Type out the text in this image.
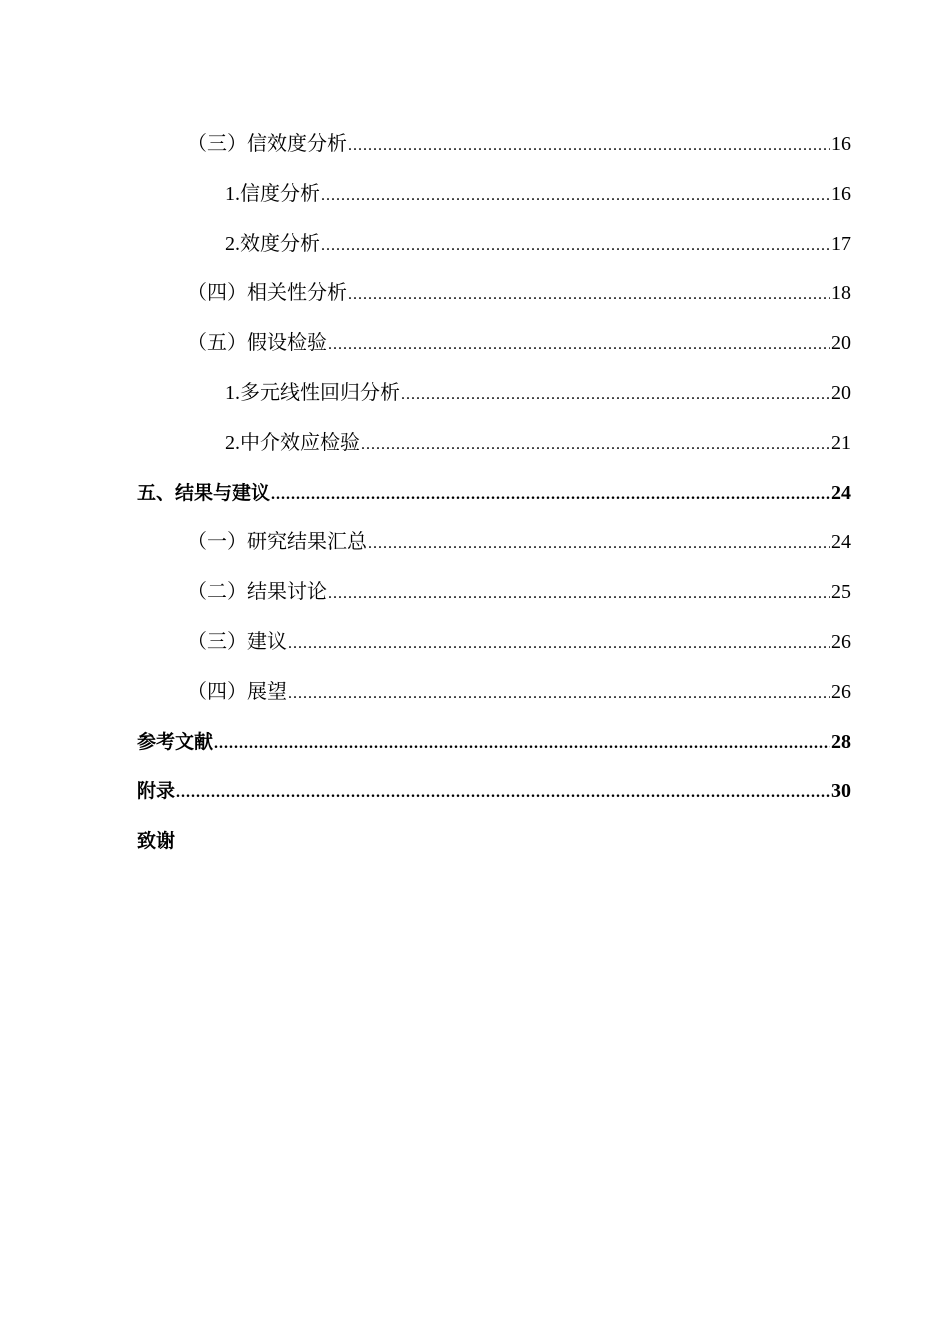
（三）信效度分析 .....	16
1.信度分析 .....	16
2.效度分析 .....	17
（四）相关性分析 .....	18
（五）假设检验 .....	20
1.多元线性回归分析 .....	20
2.中介效应检验 .....	21
五、 结果与建议 .....	24
（一）研究结果汇总 .....	24
（二）结果讨论 .....	25
（三）建议 .....	26
（四）展望 .....	26
参考文献 .....	28
附录 .....	30
致谢
